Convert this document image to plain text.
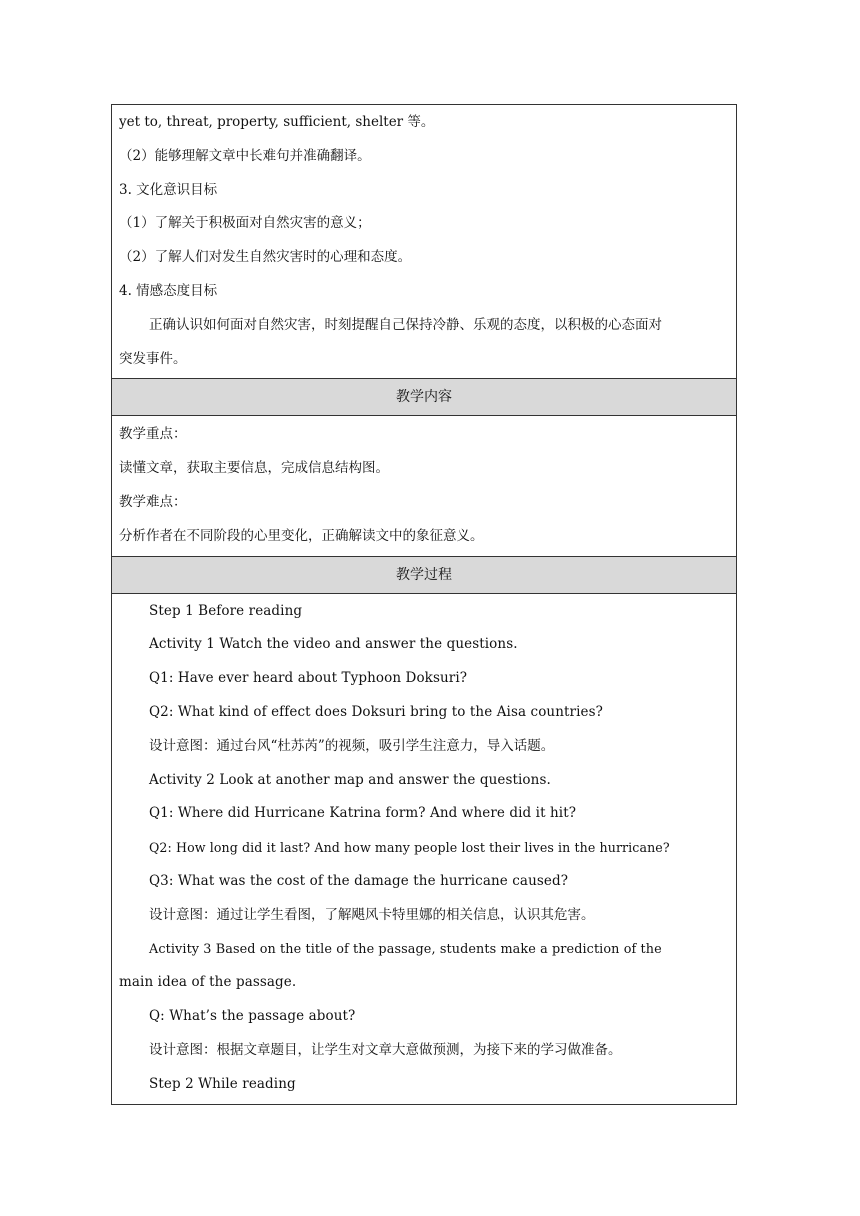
yet to, threat, property, sufficient, shelter 等。
（2）能够理解文章中长难句并准确翻译。
3. 文化意识目标
（1）了解关于积极面对自然灾害的意义；
（2）了解人们对发生自然灾害时的心理和态度。
4. 情感态度目标
正确认识如何面对自然灾害，时刻提醒自己保持冷静、乐观的态度，以积极的心态面对
突发事件。
教学内容
教学重点：
读懂文章，获取主要信息，完成信息结构图。
教学难点：
分析作者在不同阶段的心里变化，正确解读文中的象征意义。
教学过程
Step 1 Before reading
Activity 1 Watch the video and answer the questions.
Q1: Have ever heard about Typhoon Doksuri?
Q2: What kind of effect does Doksuri bring to the Aisa countries?
设计意图：通过台风“杜苏芮”的视频，吸引学生注意力，导入话题。
Activity 2 Look at another map and answer the questions.
Q1: Where did Hurricane Katrina form? And where did it hit?
Q2: How long did it last? And how many people lost their lives in the hurricane?
Q3: What was the cost of the damage the hurricane caused?
设计意图：通过让学生看图，了解飓风卡特里娜的相关信息，认识其危害。
Activity 3 Based on the title of the passage, students make a prediction of the
main idea of the passage.
Q: What’s the passage about?
设计意图：根据文章题目，让学生对文章大意做预测，为接下来的学习做准备。
Step 2 While reading
